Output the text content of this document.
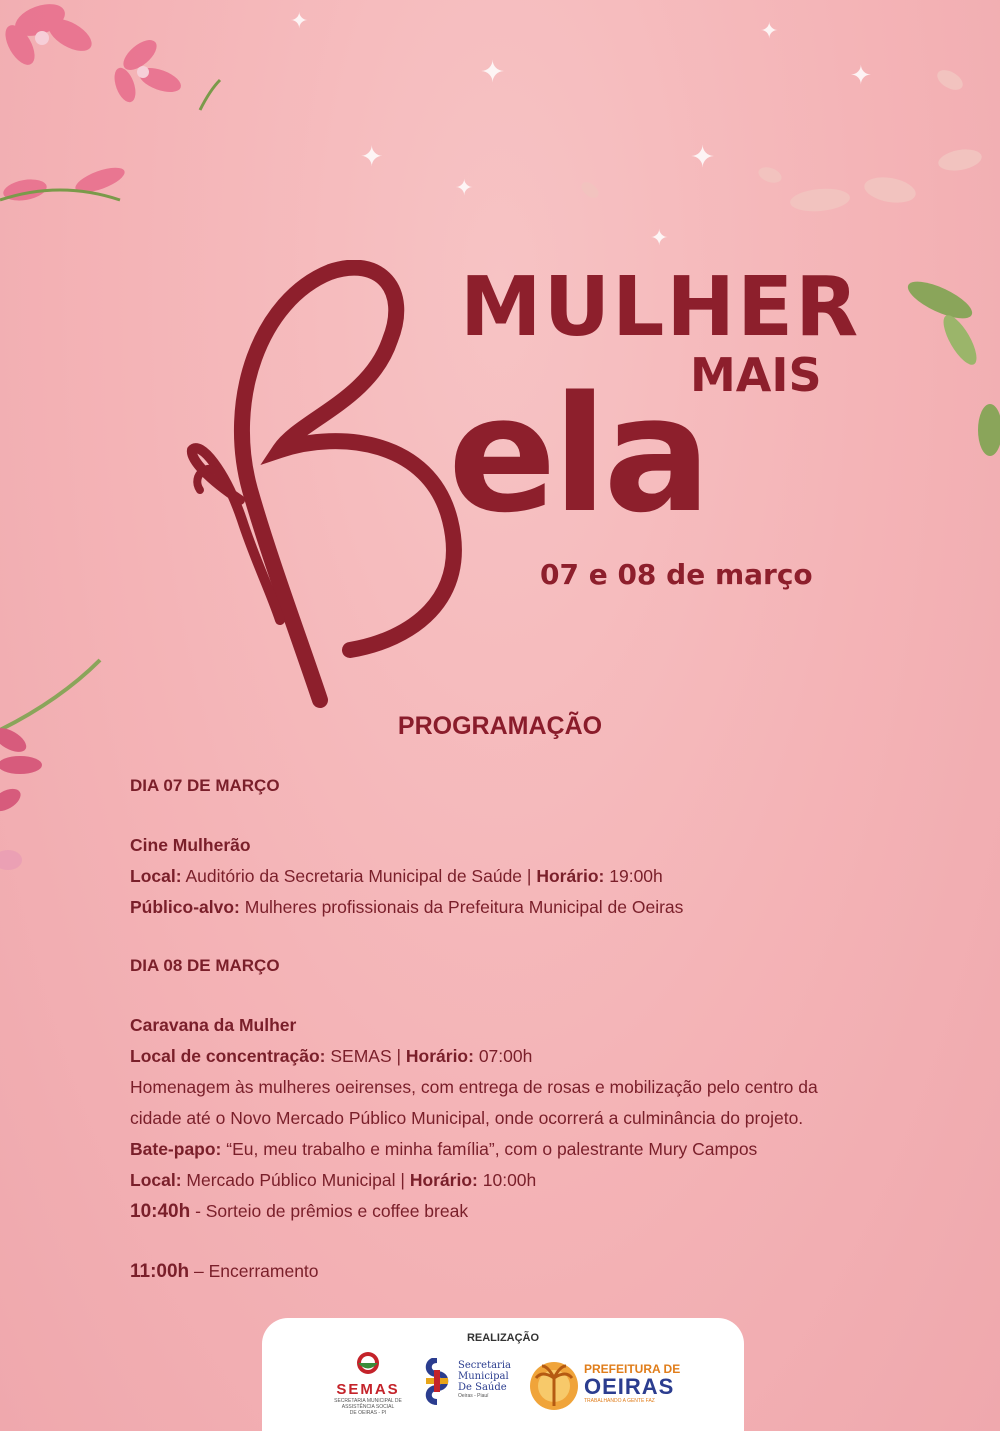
✦
✦
✦	✦
✦
✦
✦
✦
MULHER
MAIS
ela
07 e 08 de março
PROGRAMAÇÃO
DIA 07 DE MARÇO
Cine Mulherão
Local: Auditório da Secretaria Municipal de Saúde | Horário: 19:00h
Público-alvo: Mulheres profissionais da Prefeitura Municipal de Oeiras
DIA 08 DE MARÇO
Caravana da Mulher
Local de concentração: SEMAS | Horário: 07:00h
Homenagem às mulheres oeirenses, com entrega de rosas e mobilização pelo centro da
cidade até o Novo Mercado Público Municipal, onde ocorrerá a culminância do projeto.
Bate-papo: “Eu, meu trabalho e minha família”, com o palestrante Mury Campos
Local: Mercado Público Municipal | Horário: 10:00h
10:40h - Sorteio de prêmios e coffee break
11:00h – Encerramento
REALIZAÇÃO
SEMAS
SECRETARIA MUNICIPAL DE
ASSISTÊNCIA SOCIAL
DE OEIRAS - PI
Secretaria
Municipal
De Saúde
Oeiras - Piauí
PREFEITURA DE
OEIRAS
TRABALHANDO A GENTE FAZ
